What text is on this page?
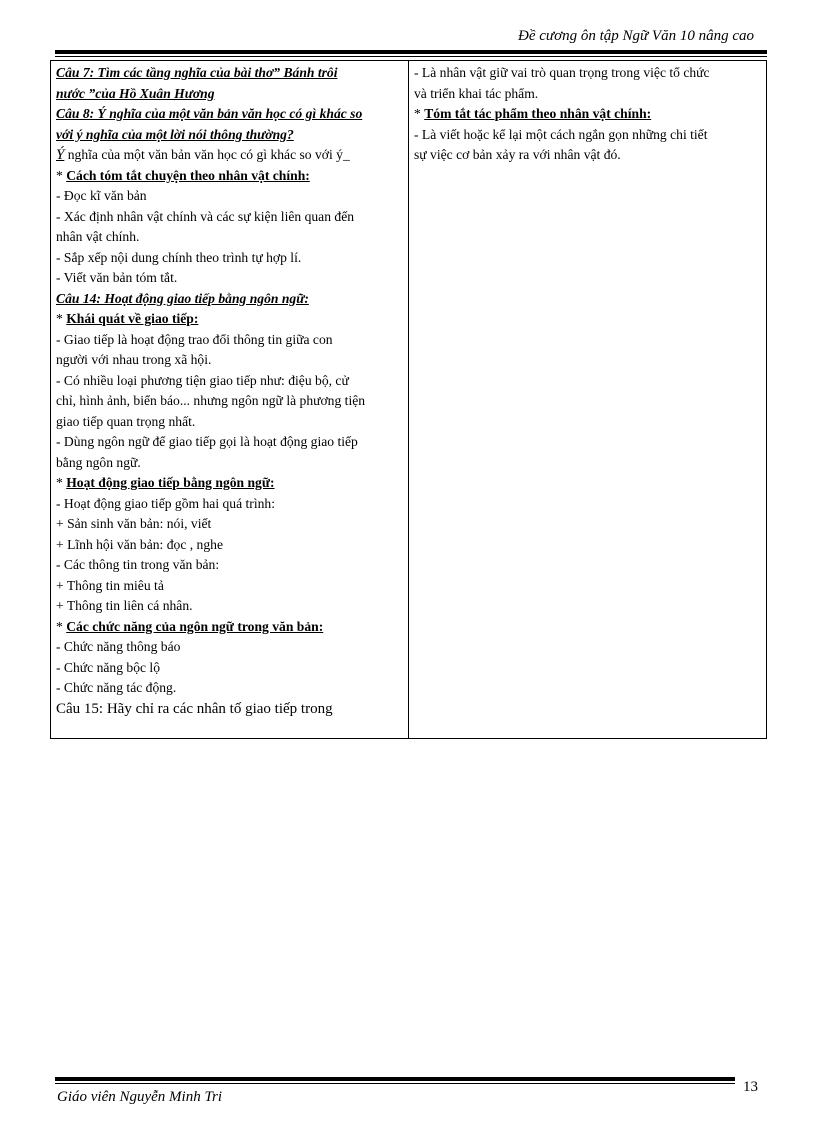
Đề cương ôn tập Ngữ Văn 10 nâng cao

Câu 7: Tìm các tầng nghĩa của bài thơ” Bánh trôi

nước ”của Hồ Xuân Hương

Câu 8: Ý nghĩa của một văn bản văn học có gì khác so

với ý nghĩa của một lời nói thông thường?

Ý nghĩa của một văn bản văn học có gì khác so với ý_

* Cách tóm tắt chuyện theo nhân vật chính:

- Đọc kĩ văn bản

- Xác định nhân vật chính và các sự kiện liên quan đến

nhân vật chính.

- Sắp xếp nội dung chính theo trình tự hợp lí.

- Viết văn bản tóm tắt.

Câu 14: Hoạt động giao tiếp bằng ngôn ngữ:

* Khái quát về giao tiếp:

- Giao tiếp là hoạt động trao đổi thông tin giữa con

người với nhau trong xã hội.

- Có nhiều loại phương tiện giao tiếp như: điệu bộ, cử

chỉ, hình ảnh, biển báo... nhưng ngôn ngữ là phương tiện

giao tiếp quan trọng nhất.

- Dùng ngôn ngữ để giao tiếp gọi là hoạt động giao tiếp

bằng ngôn ngữ.

* Hoạt động giao tiếp bằng ngôn ngữ:

- Hoạt động giao tiếp gồm hai quá trình:

+ Sản sinh văn bản: nói, viết

+ Lĩnh hội văn bản: đọc , nghe

- Các thông tin trong văn bản:

+ Thông tin miêu tả

+ Thông tin liên cá nhân.

* Các chức năng của ngôn ngữ trong văn bản:

- Chức năng thông báo

- Chức năng bộc lộ

- Chức năng tác động.

Câu 15: Hãy chỉ ra các nhân tố giao tiếp trong

- Là nhân vật giữ vai trò quan trọng trong việc tổ chức

và triển khai tác phẩm.

* Tóm tắt tác phẩm theo nhân vật chính:

- Là viết hoặc kể lại một cách ngắn gọn những chi tiết

sự việc cơ bản xảy ra với nhân vật đó.

Giáo viên Nguyễn Minh Tri
13
